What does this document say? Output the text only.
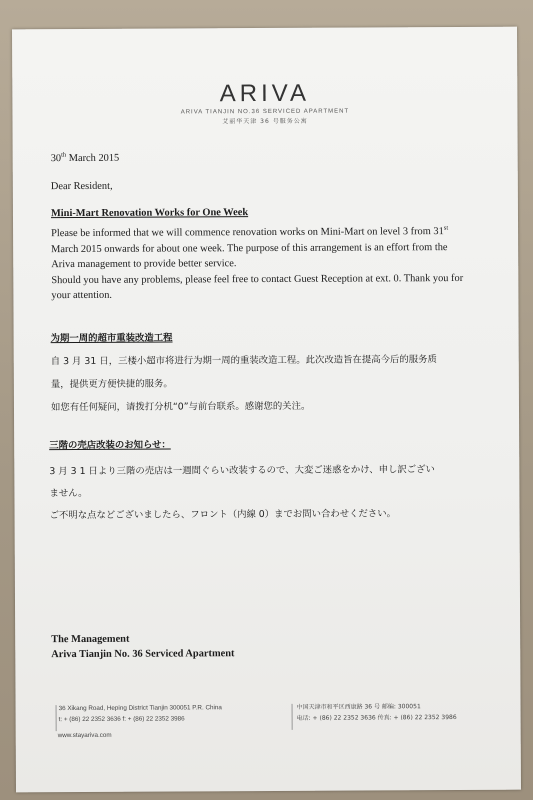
ARIVA
ARIVA TIANJIN NO.36 SERVICED APARTMENT
艾丽华天津 36 号服务公寓
30th March 2015
Dear Resident,
Mini-Mart Renovation Works for One Week
Please be informed that we will commence renovation works on Mini-Mart on level 3 from 31st
March 2015 onwards for about one week. The purpose of this arrangement is an effort from the
Ariva management to provide better service.
Should you have any problems, please feel free to contact Guest Reception at ext. 0. Thank you for
your attention.
为期一周的超市重装改造工程
自 3 月 31 日，三楼小超市将进行为期一周的重装改造工程。此次改造旨在提高今后的服务质
量，提供更方便快捷的服务。
如您有任何疑问，请拨打分机“0”与前台联系。感谢您的关注。
三階の売店改装のお知らせ：
3 月 3 1 日より三階の売店は一週間ぐらい改装するので、大変ご迷惑をかけ、申し訳ござい
ません。
ご不明な点などございましたら、フロント（内線 0）までお問い合わせください。
The Management
Ariva Tianjin No. 36 Serviced Apartment
36 Xikang Road, Heping District Tianjin 300051 P.R. China
t: + (86) 22 2352 3636 f: + (86) 22 2352 3986
www.stayariva.com
中国天津市和平区西康路 36 号 邮编: 300051
电话: + (86) 22 2352 3636 传真: + (86) 22 2352 3986
